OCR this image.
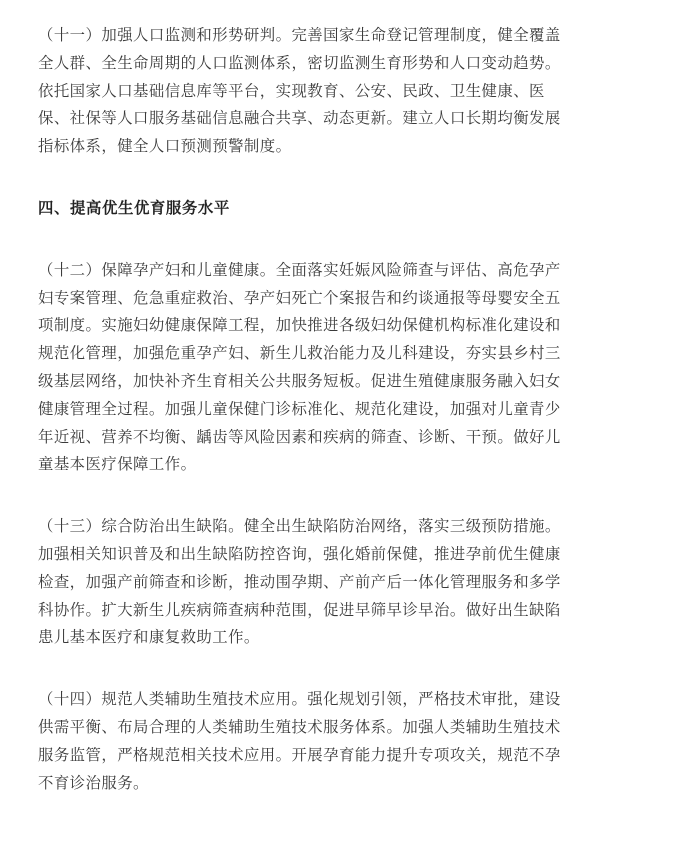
（十一）加强人口监测和形势研判。完善国家生命登记管理制度，健全覆盖
全人群、全生命周期的人口监测体系，密切监测生育形势和人口变动趋势。
依托国家人口基础信息库等平台，实现教育、公安、民政、卫生健康、医
保、社保等人口服务基础信息融合共享、动态更新。建立人口长期均衡发展
指标体系，健全人口预测预警制度。

四、提高优生优育服务水平

（十二）保障孕产妇和儿童健康。全面落实妊娠风险筛查与评估、高危孕产
妇专案管理、危急重症救治、孕产妇死亡个案报告和约谈通报等母婴安全五
项制度。实施妇幼健康保障工程，加快推进各级妇幼保健机构标准化建设和
规范化管理，加强危重孕产妇、新生儿救治能力及儿科建设，夯实县乡村三
级基层网络，加快补齐生育相关公共服务短板。促进生殖健康服务融入妇女
健康管理全过程。加强儿童保健门诊标准化、规范化建设，加强对儿童青少
年近视、营养不均衡、龋齿等风险因素和疾病的筛查、诊断、干预。做好儿
童基本医疗保障工作。

（十三）综合防治出生缺陷。健全出生缺陷防治网络，落实三级预防措施。
加强相关知识普及和出生缺陷防控咨询，强化婚前保健，推进孕前优生健康
检查，加强产前筛查和诊断，推动围孕期、产前产后一体化管理服务和多学
科协作。扩大新生儿疾病筛查病种范围，促进早筛早诊早治。做好出生缺陷
患儿基本医疗和康复救助工作。

（十四）规范人类辅助生殖技术应用。强化规划引领，严格技术审批，建设
供需平衡、布局合理的人类辅助生殖技术服务体系。加强人类辅助生殖技术
服务监管，严格规范相关技术应用。开展孕育能力提升专项攻关，规范不孕
不育诊治服务。
